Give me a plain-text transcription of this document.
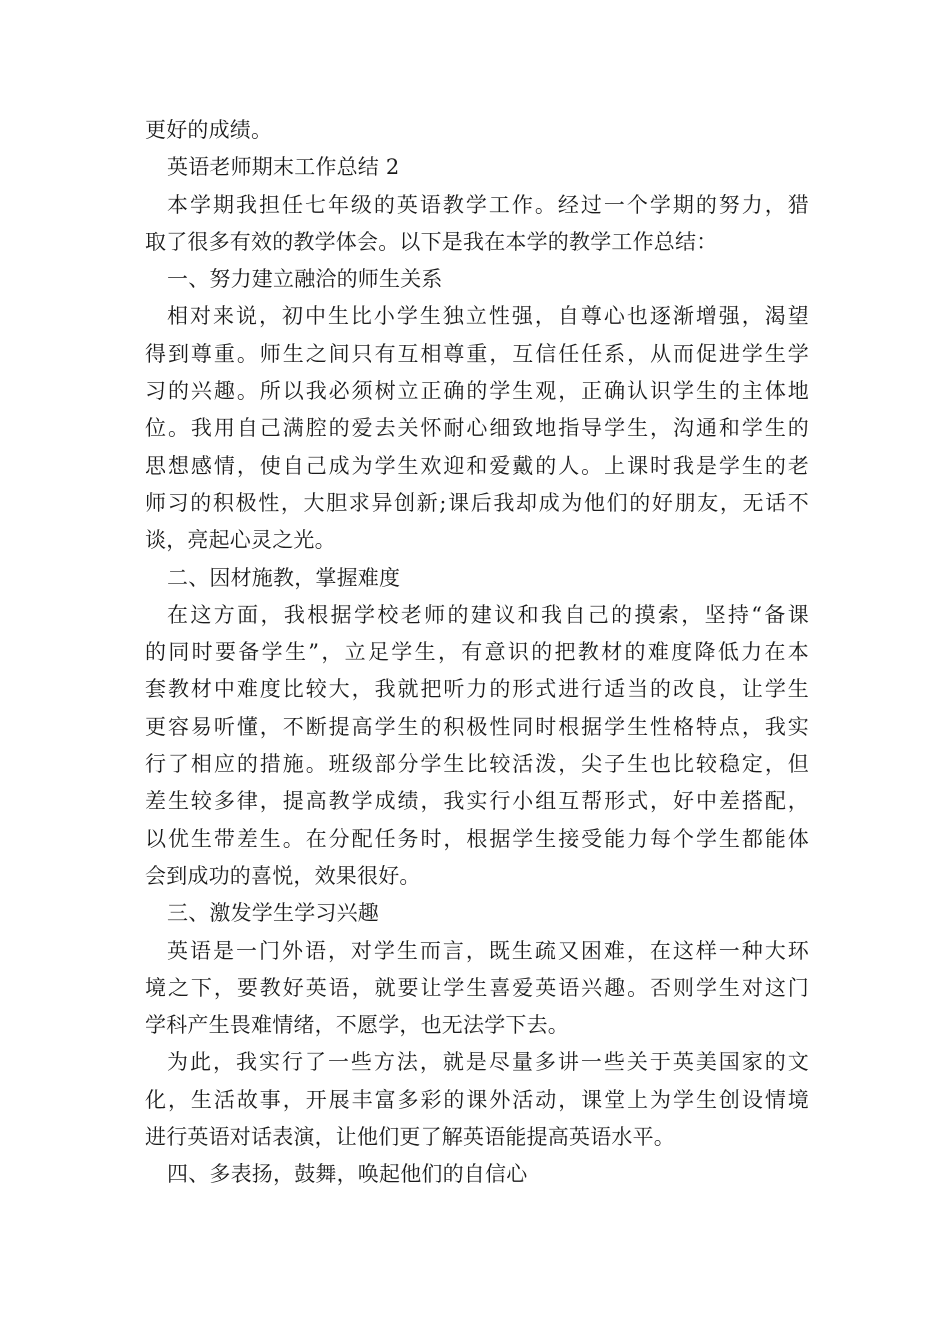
更好的成绩。
英语老师期末工作总结 2
本学期我担任七年级的英语教学工作。经过一个学期的努力，猎
取了很多有效的教学体会。以下是我在本学的教学工作总结：
一、努力建立融洽的师生关系
相对来说，初中生比小学生独立性强，自尊心也逐渐增强，渴望
得到尊重。师生之间只有互相尊重，互信任任系，从而促进学生学
习的兴趣。所以我必须树立正确的学生观，正确认识学生的主体地
位。我用自己满腔的爱去关怀耐心细致地指导学生，沟通和学生的
思想感情，使自己成为学生欢迎和爱戴的人。上课时我是学生的老
师习的积极性，大胆求异创新;课后我却成为他们的好朋友，无话不
谈，亮起心灵之光。
二、因材施教，掌握难度
在这方面，我根据学校老师的建议和我自己的摸索，坚持“备课
的同时要备学生”，立足学生，有意识的把教材的难度降低力在本
套教材中难度比较大，我就把听力的形式进行适当的改良，让学生
更容易听懂，不断提高学生的积极性同时根据学生性格特点，我实
行了相应的措施。班级部分学生比较活泼，尖子生也比较稳定，但
差生较多律，提高教学成绩，我实行小组互帮形式，好中差搭配，
以优生带差生。在分配任务时，根据学生接受能力每个学生都能体
会到成功的喜悦，效果很好。
三、激发学生学习兴趣
英语是一门外语，对学生而言，既生疏又困难，在这样一种大环
境之下，要教好英语，就要让学生喜爱英语兴趣。否则学生对这门
学科产生畏难情绪，不愿学，也无法学下去。
为此，我实行了一些方法，就是尽量多讲一些关于英美国家的文
化，生活故事，开展丰富多彩的课外活动，课堂上为学生创设情境
进行英语对话表演，让他们更了解英语能提高英语水平。
四、多表扬，鼓舞，唤起他们的自信心
